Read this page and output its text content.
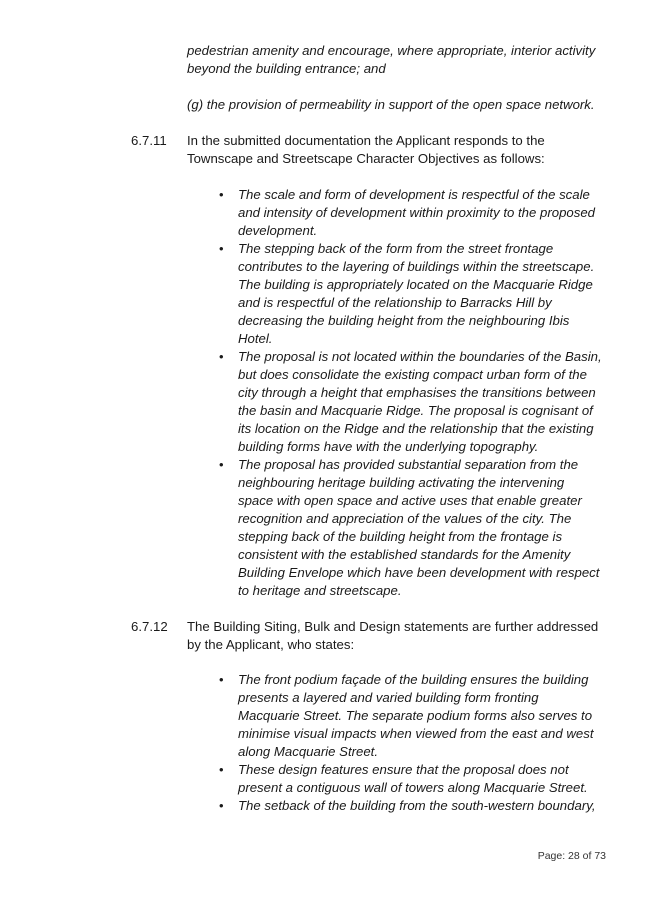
pedestrian amenity and encourage, where appropriate, interior activity beyond the building entrance; and
(g) the provision of permeability in support of the open space network.
6.7.11 In the submitted documentation the Applicant responds to the Townscape and Streetscape Character Objectives as follows:
• The scale and form of development is respectful of the scale and intensity of development within proximity to the proposed development.
• The stepping back of the form from the street frontage contributes to the layering of buildings within the streetscape. The building is appropriately located on the Macquarie Ridge and is respectful of the relationship to Barracks Hill by decreasing the building height from the neighbouring Ibis Hotel.
• The proposal is not located within the boundaries of the Basin, but does consolidate the existing compact urban form of the city through a height that emphasises the transitions between the basin and Macquarie Ridge. The proposal is cognisant of its location on the Ridge and the relationship that the existing building forms have with the underlying topography.
• The proposal has provided substantial separation from the neighbouring heritage building activating the intervening space with open space and active uses that enable greater recognition and appreciation of the values of the city. The stepping back of the building height from the frontage is consistent with the established standards for the Amenity Building Envelope which have been development with respect to heritage and streetscape.
6.7.12 The Building Siting, Bulk and Design statements are further addressed by the Applicant, who states:
• The front podium façade of the building ensures the building presents a layered and varied building form fronting Macquarie Street. The separate podium forms also serves to minimise visual impacts when viewed from the east and west along Macquarie Street.
• These design features ensure that the proposal does not present a contiguous wall of towers along Macquarie Street.
• The setback of the building from the south-western boundary,
Page: 28 of 73
